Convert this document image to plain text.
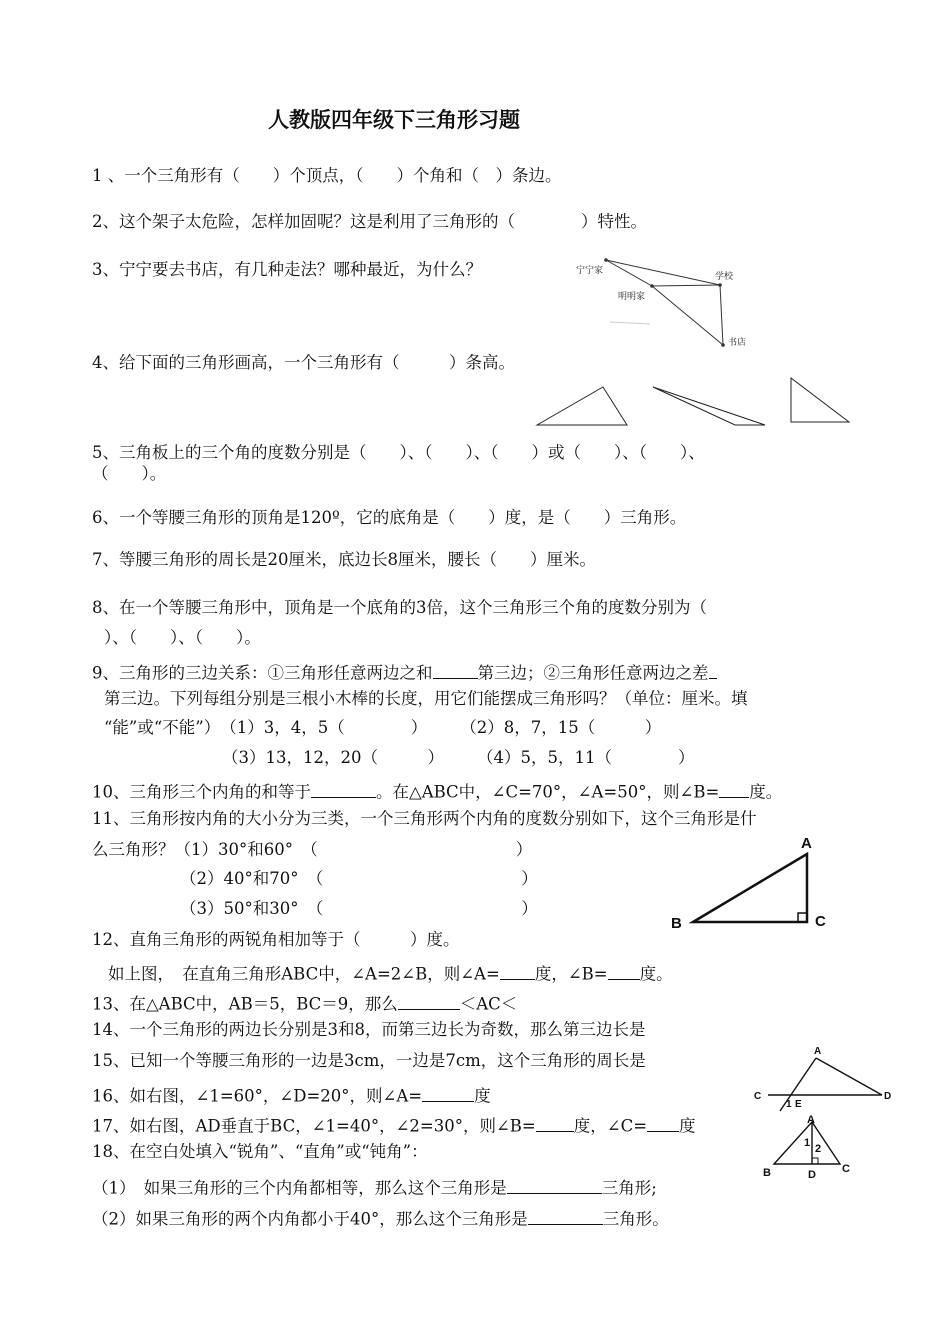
人教版四年级下三角形习题
1 、一个三角形有（　　）个顶点，（　　）个角和（　）条边。
2、这个架子太危险，怎样加固呢？这是利用了三角形的（　　　　）特性。
3、宁宁要去书店，有几种走法？哪种最近，为什么？	宁宁家
学校
明明家
书店
4、给下面的三角形画高，一个三角形有（　　　）条高。
5、三角板上的三个角的度数分别是（　　）、（　　）、（　　）或（　　）、（　　）、
（　　）。
6、一个等腰三角形的顶角是120º，它的底角是（　　）度，是（　　）三角形。
7、等腰三角形的周长是20厘米，底边长8厘米，腰长（　　）厘米。
8、在一个等腰三角形中，顶角是一个底角的3倍，这个三角形三个角的度数分别为（
）、（　　）、（　　）。
9、三角形的三边关系：①三角形任意两边之和	第三边；②三角形任意两边之差
第三边。下列每组分别是三根小木棒的长度，用它们能摆成三角形吗？（单位：厘米。填
“能”或“不能”）　（1）3，4，5（　　　　）　　　（2）8，7，15（　　　）
（3）13，12，20（　　　）　　　（4）5，5，11（　　　　）
10、三角形三个内角的和等于	。在△ABC中，∠C=70°，∠A=50°，则∠B= 度。
11、三角形按内角的大小分为三类，一个三角形两个内角的度数分别如下，这个三角形是什
么三角形？（1）30°和60°　（　　　　　　　　　　　　）
（2）40°和70°　（　　　　　　　　　　　　）
（3）50°和30°　（　　　　　　　　　　　　）
A
B	C
12、直角三角形的两锐角相加等于（　　　）度。
如上图，　在直角三角形ABC中，∠A=2∠B，则∠A= 度，∠B= 度。
13、在△ABC中，AB＝5，BC＝9，那么	＜AC＜
14、一个三角形的两边长分别是3和8，而第三边长为奇数，那么第三边长是
15、已知一个等腰三角形的一边是3cm，一边是7cm，这个三角形的周长是
16、如右图，∠1=60°，∠D=20°，则∠A=	度
A
C
1 E
D
17、如右图，AD垂直于BC，∠1=40°，∠2=30°，则∠B= 度，∠C= 度	A
1 2
B	D C
18、在空白处填入“锐角”、“直角”或“钝角”：
（1）　如果三角形的三个内角都相等，那么这个三角形是	三角形;
（2）如果三角形的两个内角都小于40°，那么这个三角形是	三角形。
